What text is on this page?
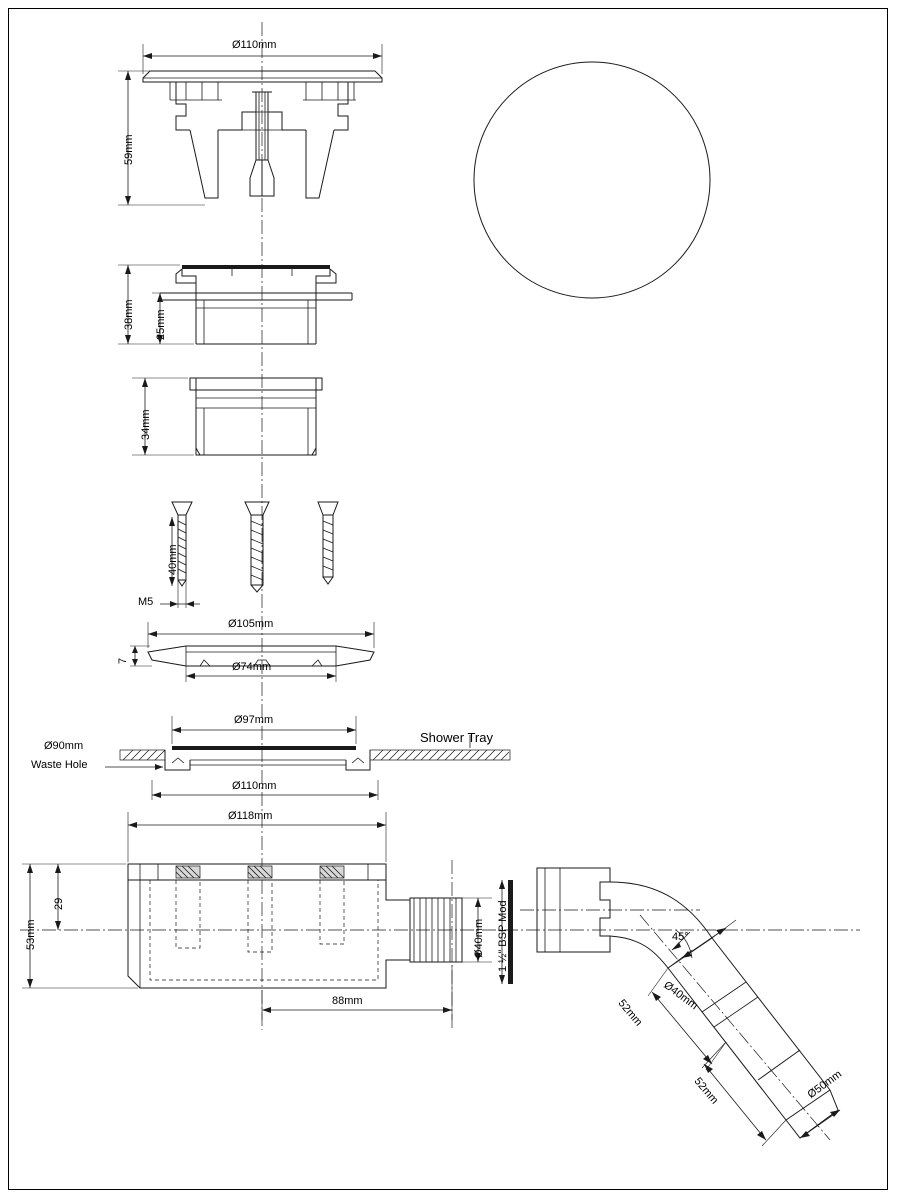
Ø110mm
59mm
38mm 25mm
34mm
40mm
M5
Ø105mm
7
Ø74mm
Ø97mm
Shower Tray
Ø90mm
Waste Hole
Ø110mm
Ø118mm
53mm
29
Ø40mm 1 ½" BSP Mod
88mm
45°
Ø40mm
52mm
52mm	Ø50mm
